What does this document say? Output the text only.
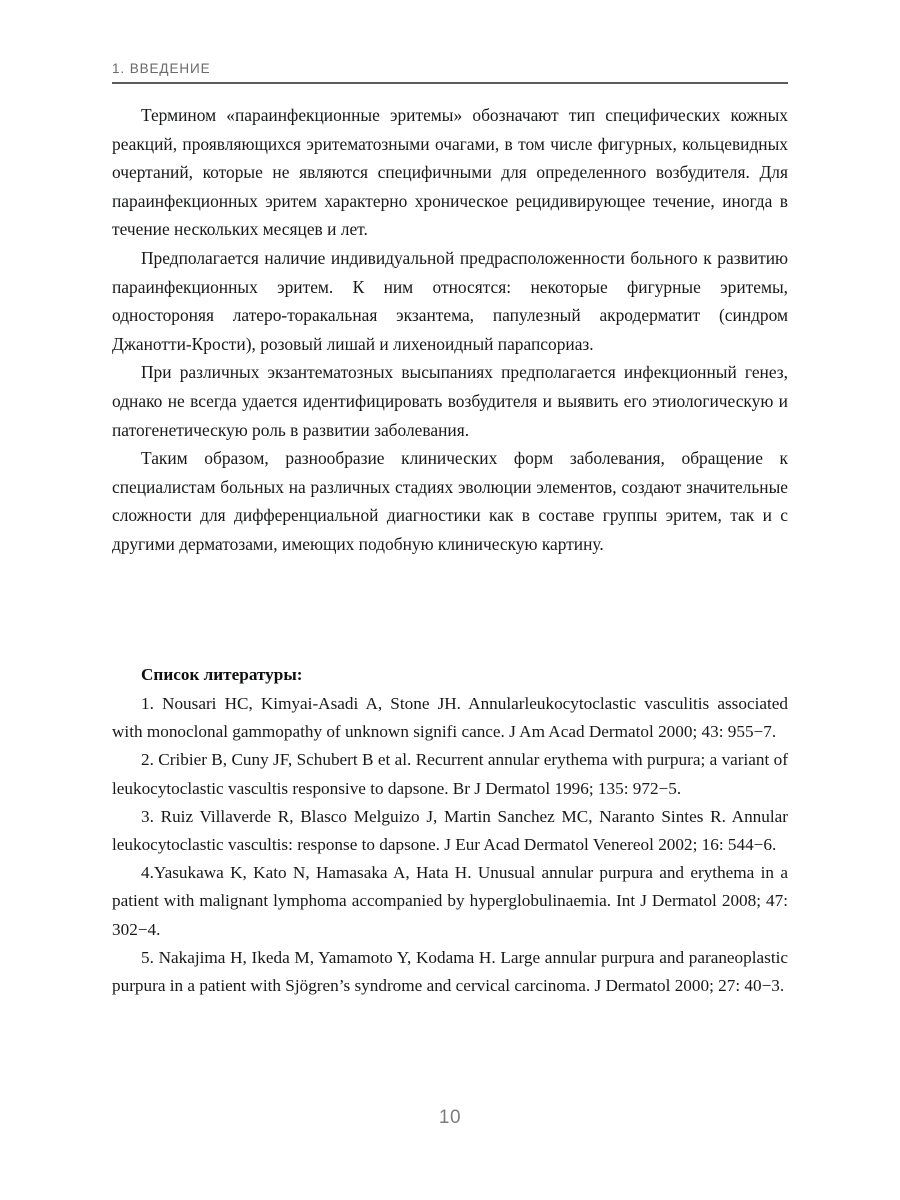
1. ВВЕДЕНИЕ

Термином «параинфекционные эритемы» обозначают тип специфических кожных реакций, проявляющихся эритематозными очагами, в том числе фигурных, кольцевидных очертаний, которые не являются специфичными для определенного возбудителя. Для параинфекционных эритем характерно хроническое рецидивирующее течение, иногда в течение нескольких месяцев и лет.

Предполагается наличие индивидуальной предрасположенности больного к развитию параинфекционных эритем. К ним относятся: некоторые фигурные эритемы, одностороняя латеро-торакальная экзантема, папулезный акродерматит (синдром Джанотти-Крости), розовый лишай и лихеноидный парапсориаз.

При различных экзантематозных высыпаниях предполагается инфекционный генез, однако не всегда удается идентифицировать возбудителя и выявить его этиологическую и патогенетическую роль в развитии заболевания.

Таким образом, разнообразие клинических форм заболевания, обращение к специалистам больных на различных стадиях эволюции элементов, создают значительные сложности для дифференциальной диагностики как в составе группы эритем, так и с другими дерматозами, имеющих подобную клиническую картину.

Список литературы:

1. Nousari HC, Kimyai-Asadi A, Stone JH. Annularleukocytoclastic vasculitis associated with monoclonal gammopathy of unknown signifi cance. J Am Acad Dermatol 2000; 43: 955−7.

2. Cribier B, Cuny JF, Schubert B et al. Recurrent annular erythema with purpura; a variant of leukocytoclastic vascultis responsive to dapsone. Br J Dermatol 1996; 135: 972−5.

3. Ruiz Villaverde R, Blasco Melguizo J, Martin Sanchez MC, Naranto Sintes R. Annular leukocytoclastic vascultis: response to dapsone. J Eur Acad Dermatol Venereol 2002; 16: 544−6.

4.Yasukawa K, Kato N, Hamasaka A, Hata H. Unusual annular purpura and erythema in a patient with malignant lymphoma accompanied by hyperglobulinaemia. Int J Dermatol 2008; 47: 302−4.

5. Nakajima H, Ikeda M, Yamamoto Y, Kodama H. Large annular purpura and paraneoplastic purpura in a patient with Sjögren’s syndrome and cervical carcinoma. J Dermatol 2000; 27: 40−3.

10
